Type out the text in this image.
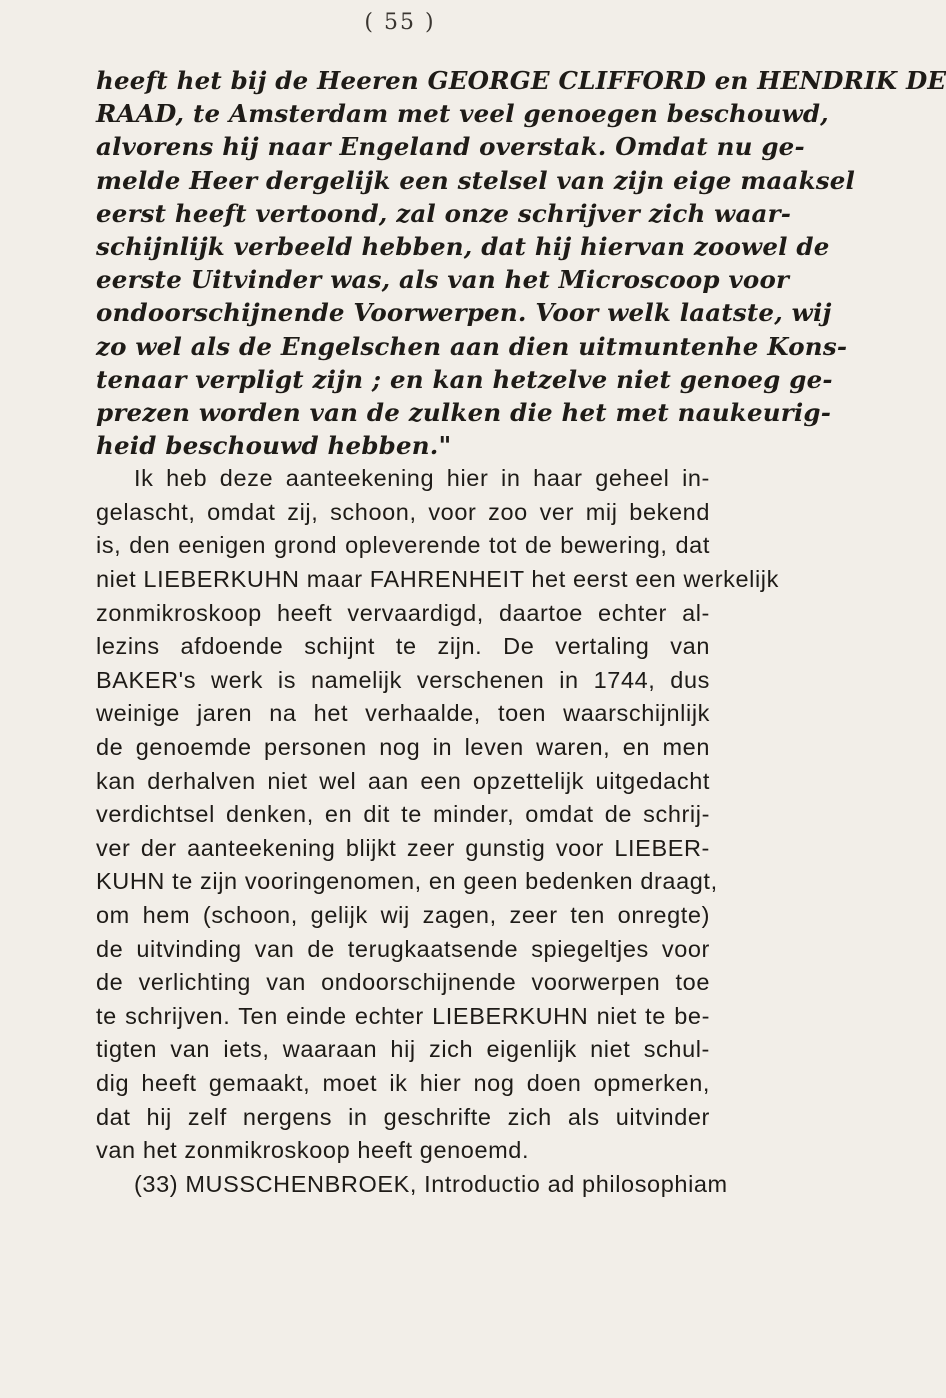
( 55 )
heeft het bij de Heeren GEORGE CLIFFORD en HENDRIK DE
RAAD, te Amsterdam met veel genoegen beschouwd,
alvorens hij naar Engeland overstak. Omdat nu ge-
melde Heer dergelijk een stelsel van zijn eige maaksel
eerst heeft vertoond, zal onze schrijver zich waar-
schijnlijk verbeeld hebben, dat hij hiervan zoowel de
eerste Uitvinder was, als van het Microscoop voor
ondoorschijnende Voorwerpen. Voor welk laatste, wij
zo wel als de Engelschen aan dien uitmuntenhe Kons-
tenaar verpligt zijn ; en kan hetzelve niet genoeg ge-
prezen worden van de zulken die het met naukeurig-
heid beschouwd hebben."
Ik heb deze aanteekening hier in haar geheel in-
gelascht, omdat zij, schoon, voor zoo ver mij bekend
is, den eenigen grond opleverende tot de bewering, dat
niet LIEBERKUHN maar FAHRENHEIT het eerst een werkelijk
zonmikroskoop heeft vervaardigd, daartoe echter al-
lezins afdoende schijnt te zijn. De vertaling van
BAKER's werk is namelijk verschenen in 1744, dus
weinige jaren na het verhaalde, toen waarschijnlijk
de genoemde personen nog in leven waren, en men
kan derhalven niet wel aan een opzettelijk uitgedacht
verdichtsel denken, en dit te minder, omdat de schrij-
ver der aanteekening blijkt zeer gunstig voor LIEBER-
KUHN te zijn vooringenomen, en geen bedenken draagt,
om hem (schoon, gelijk wij zagen, zeer ten onregte)
de uitvinding van de terugkaatsende spiegeltjes voor
de verlichting van ondoorschijnende voorwerpen toe
te schrijven. Ten einde echter LIEBERKUHN niet te be-
tigten van iets, waaraan hij zich eigenlijk niet schul-
dig heeft gemaakt, moet ik hier nog doen opmerken,
dat hij zelf nergens in geschrifte zich als uitvinder
van het zonmikroskoop heeft genoemd.
(33) MUSSCHENBROEK, Introductio ad philosophiam
